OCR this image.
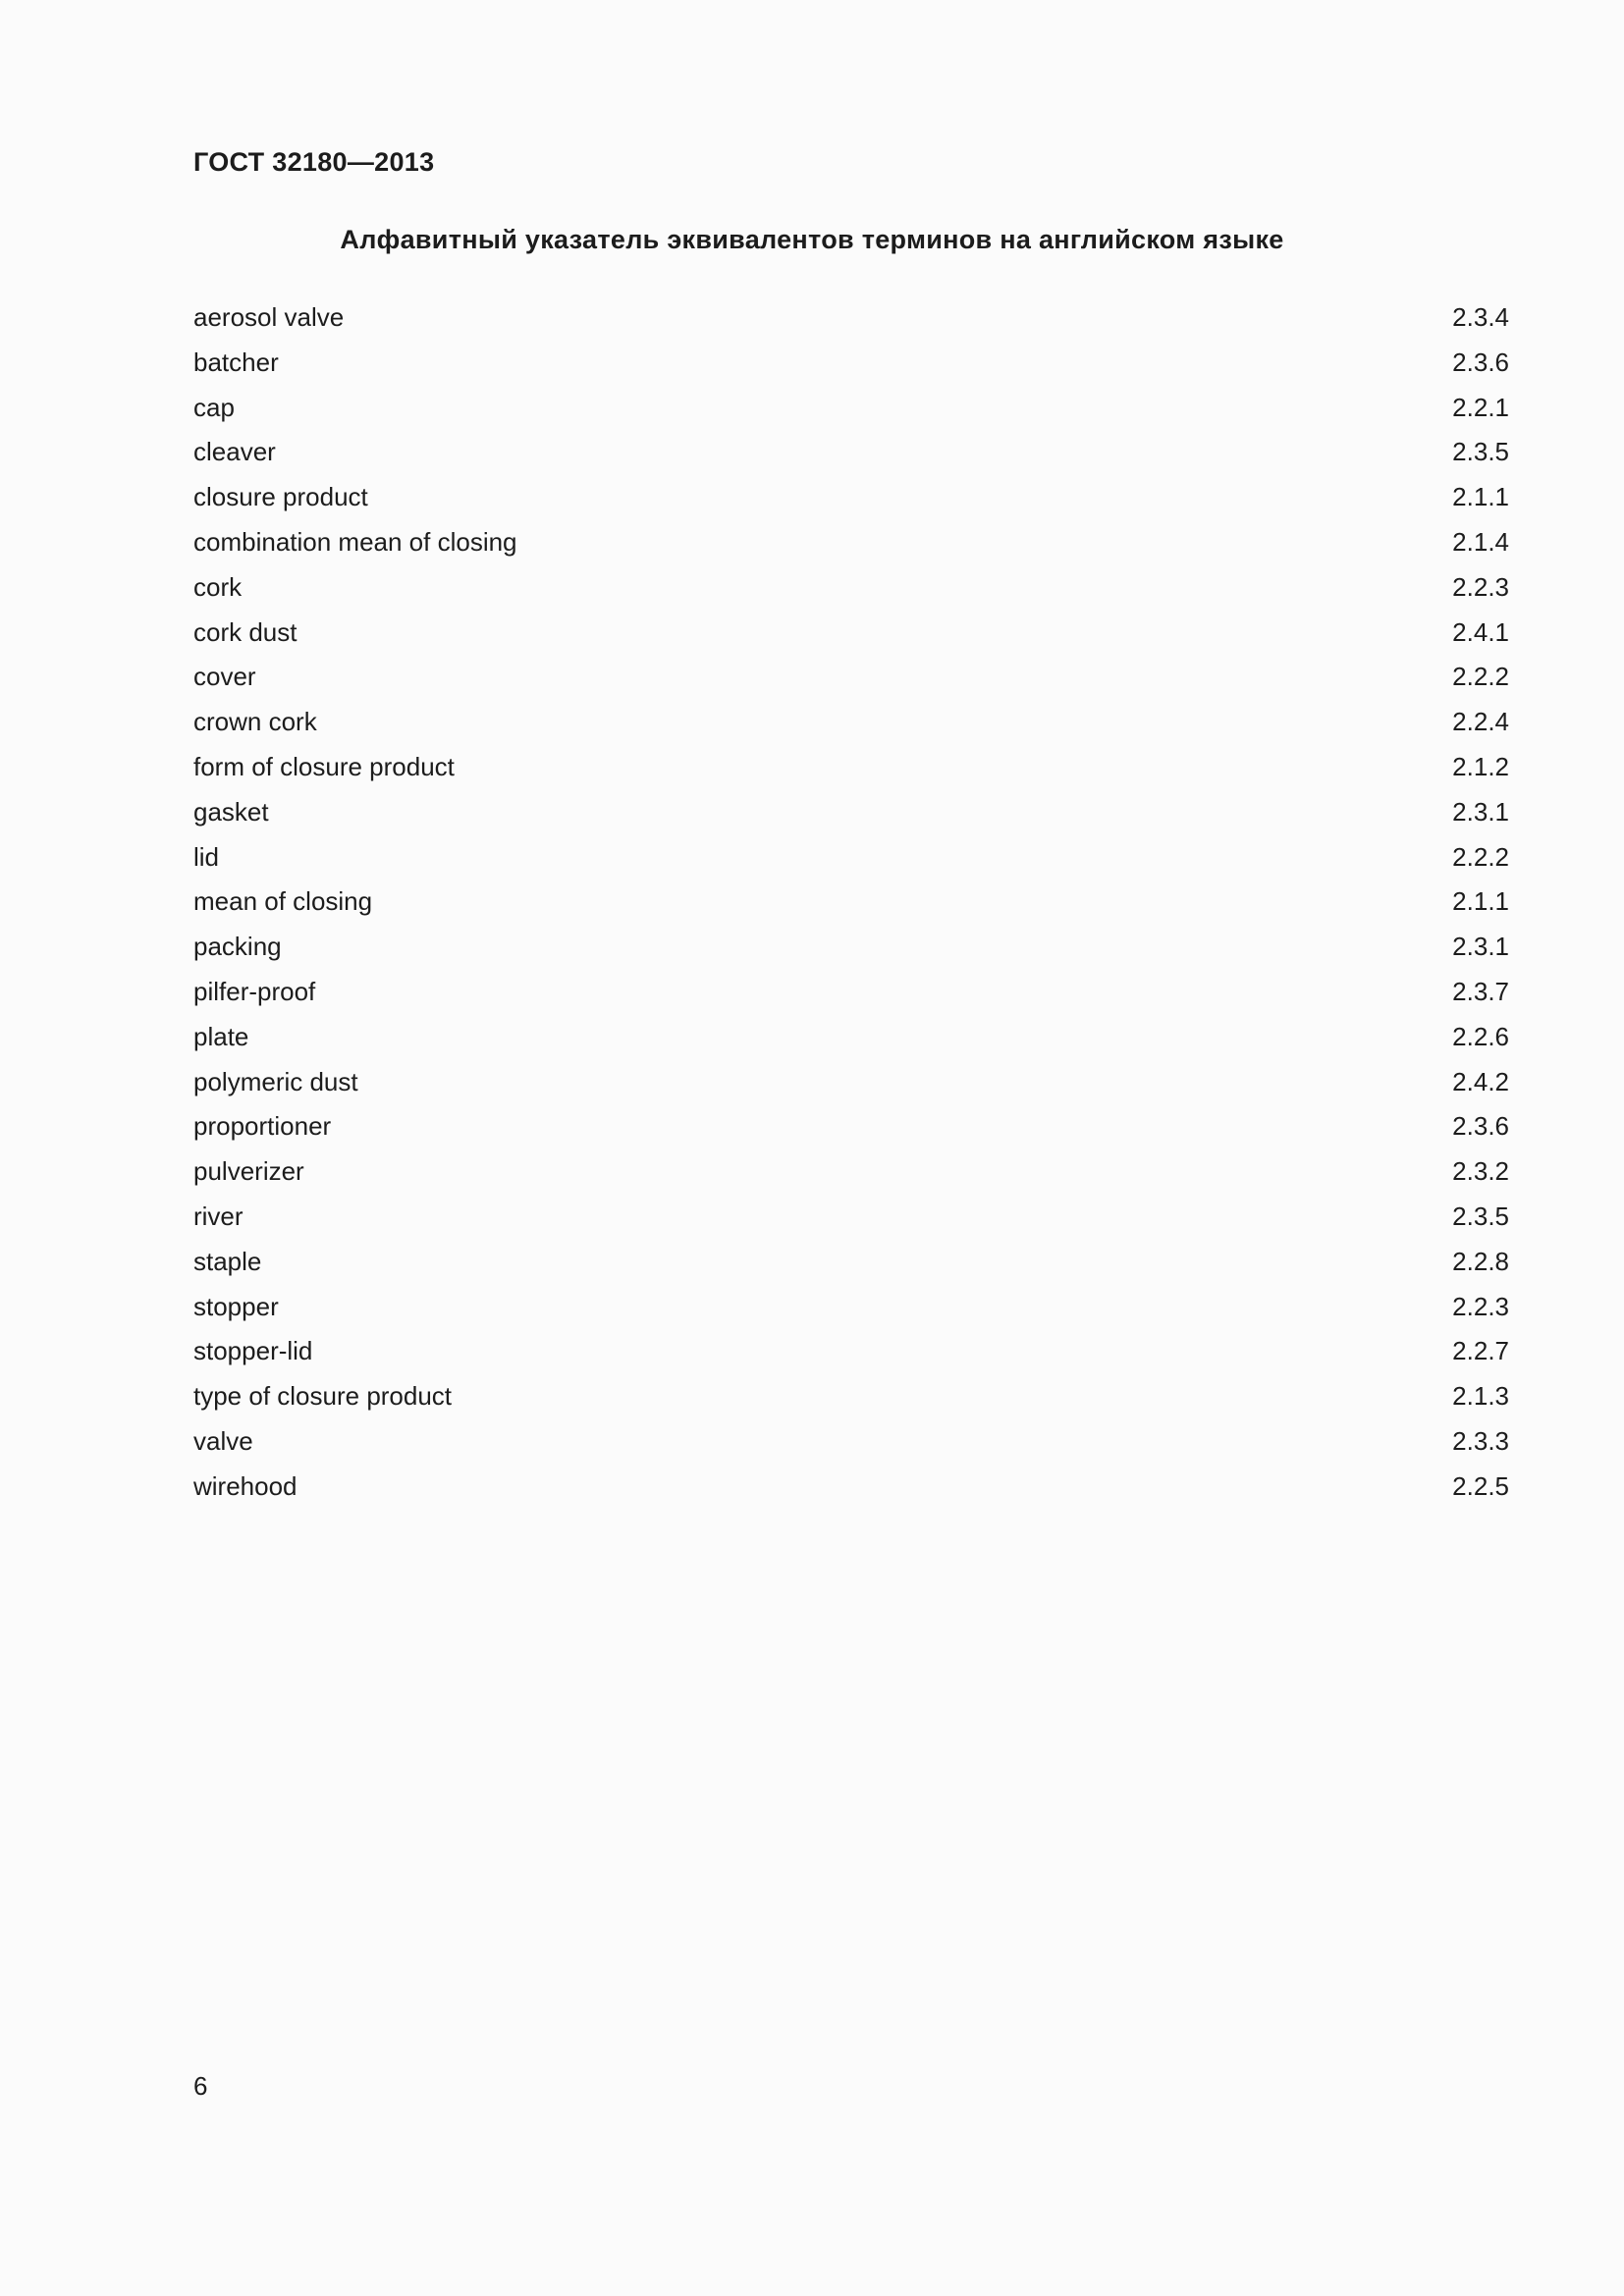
ГОСТ 32180—2013
Алфавитный указатель эквивалентов терминов на английском языке
aerosol valve	2.3.4
batcher	2.3.6
cap	2.2.1
cleaver	2.3.5
closure product	2.1.1
combination mean of closing	2.1.4
cork	2.2.3
cork dust	2.4.1
cover	2.2.2
crown cork	2.2.4
form of closure product	2.1.2
gasket	2.3.1
lid	2.2.2
mean of closing	2.1.1
packing	2.3.1
pilfer-proof	2.3.7
plate	2.2.6
polymeric dust	2.4.2
proportioner	2.3.6
pulverizer	2.3.2
river	2.3.5
staple	2.2.8
stopper	2.2.3
stopper-lid	2.2.7
type of closure product	2.1.3
valve	2.3.3
wirehood	2.2.5

6
